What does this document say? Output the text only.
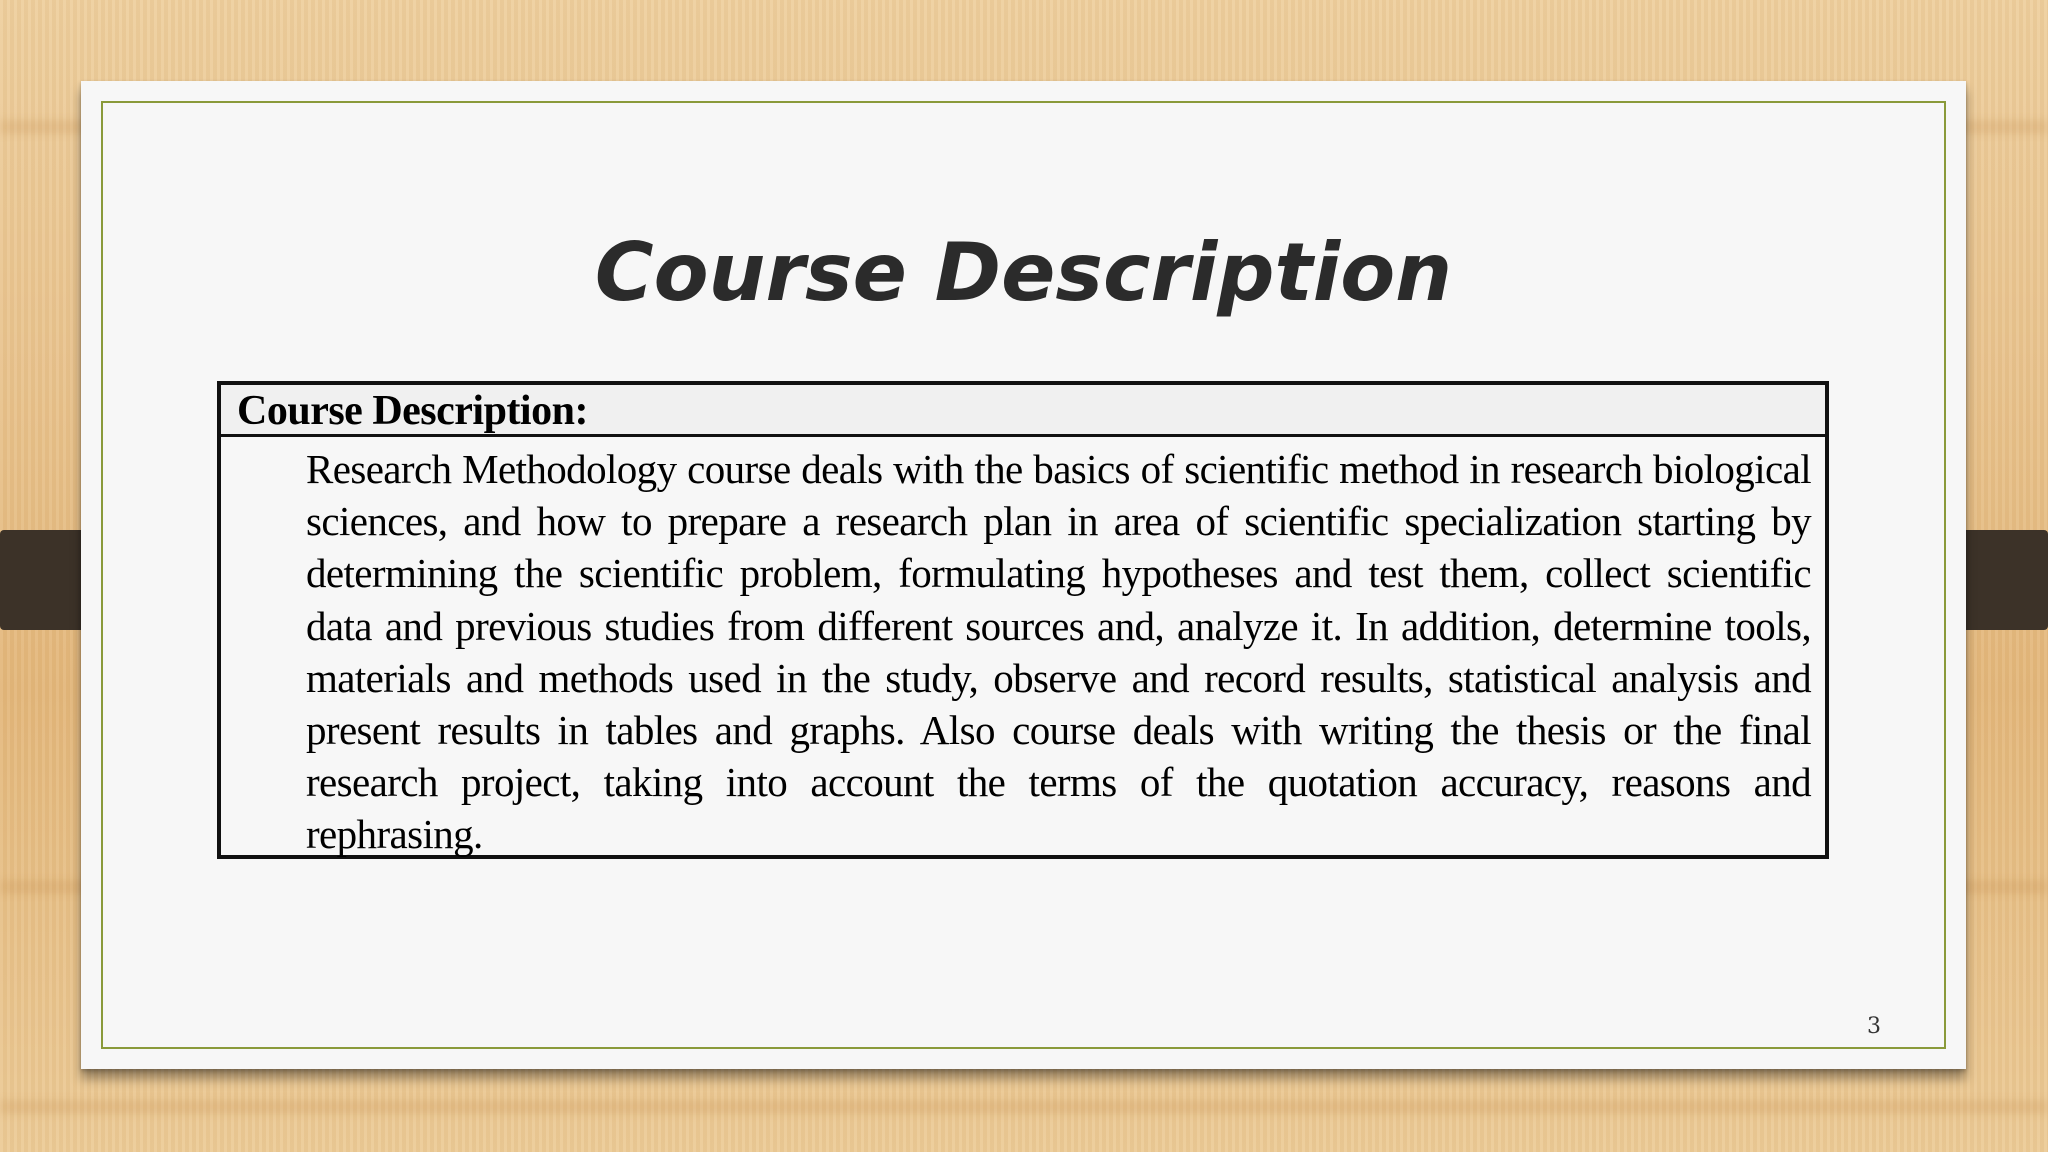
Course Description
Course Description:

Research Methodology course deals with the basics of scientific method in research biological sciences, and how to prepare a research plan in area of scientific specialization starting by determining the scientific problem, formulating hypotheses and test them, collect scientific data and previous studies from different sources and, analyze it. In addition, determine tools, materials and methods used in the study, observe and record results, statistical analysis and present results in tables and graphs. Also course deals with writing the thesis or the final research project, taking into account the terms of the quotation accuracy, reasons and rephrasing.

3
